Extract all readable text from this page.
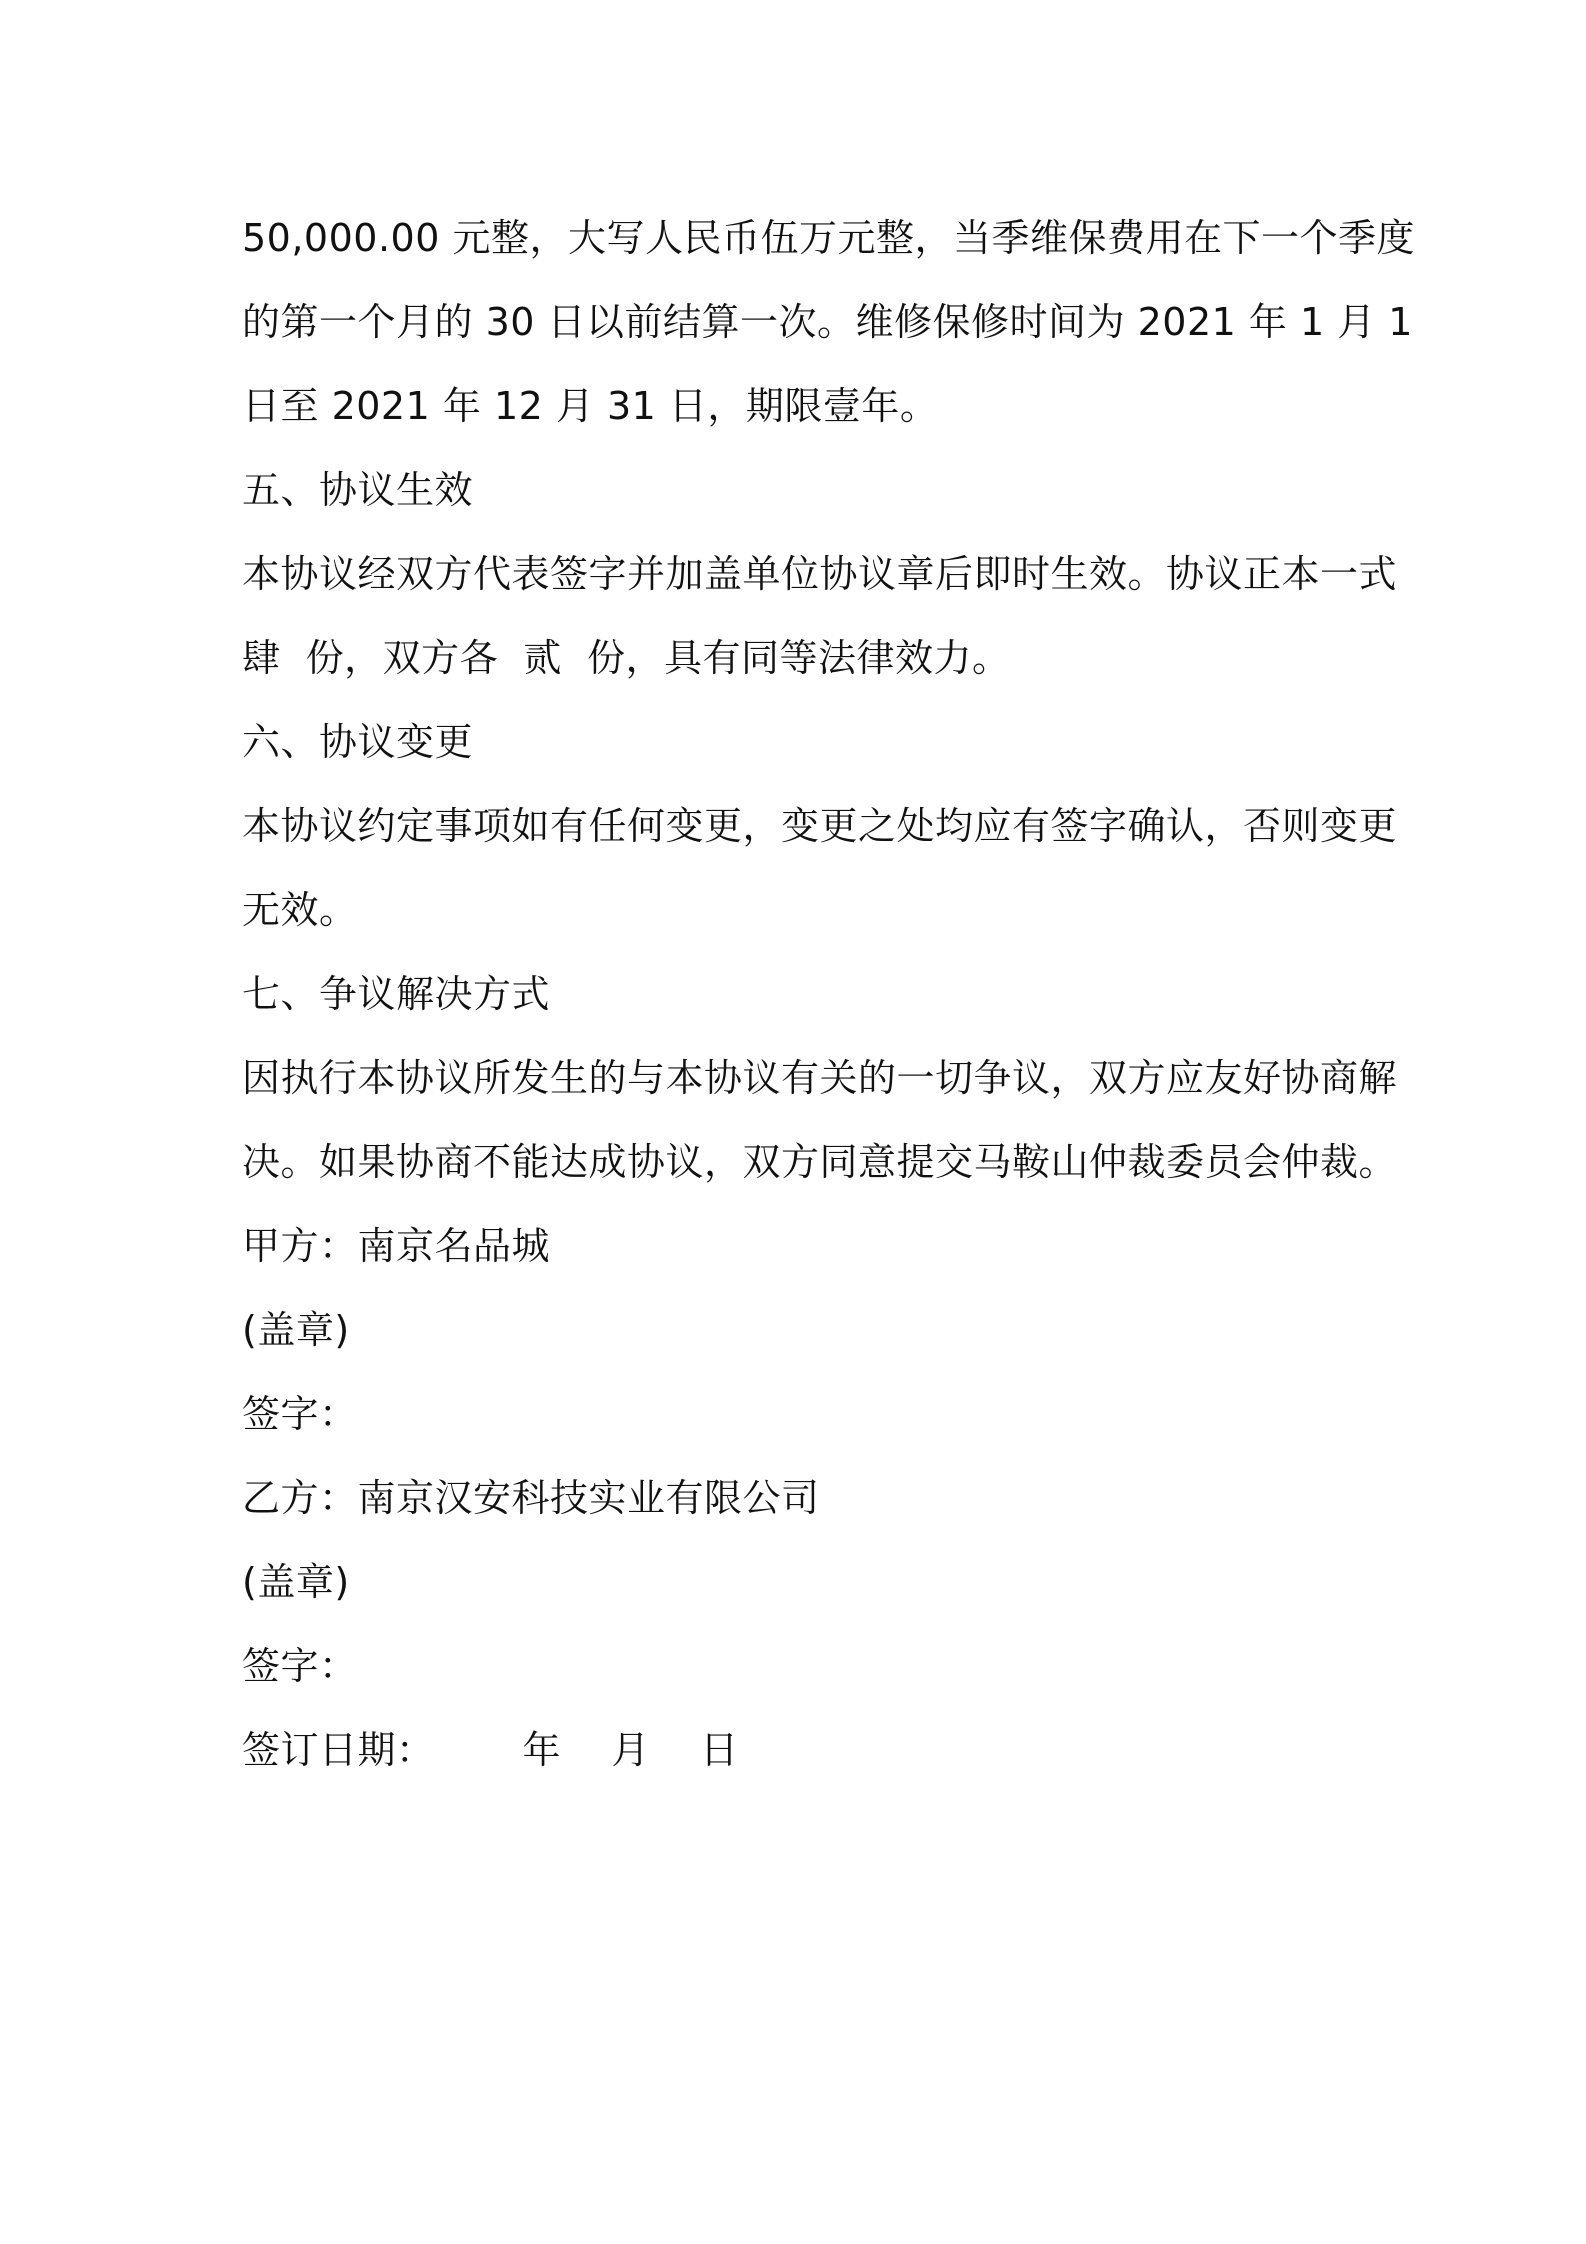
50,000.00 元整，大写人民币伍万元整，当季维保费用在下一个季度
的第一个月的 30 日以前结算一次。维修保修时间为 2021 年 1 月 1
日至 2021 年 12 月 31 日，期限壹年。
五、协议生效
本协议经双方代表签字并加盖单位协议章后即时生效。协议正本一式
肆  份，双方各  贰  份，具有同等法律效力。
六、协议变更
本协议约定事项如有任何变更，变更之处均应有签字确认，否则变更
无效。
七、争议解决方式
因执行本协议所发生的与本协议有关的一切争议，双方应友好协商解
决。如果协商不能达成协议，双方同意提交马鞍山仲裁委员会仲裁。
甲方：南京名品城
(盖章)
签字：
乙方：南京汉安科技实业有限公司
(盖章)
签字：
签订日期：       年    月    日
